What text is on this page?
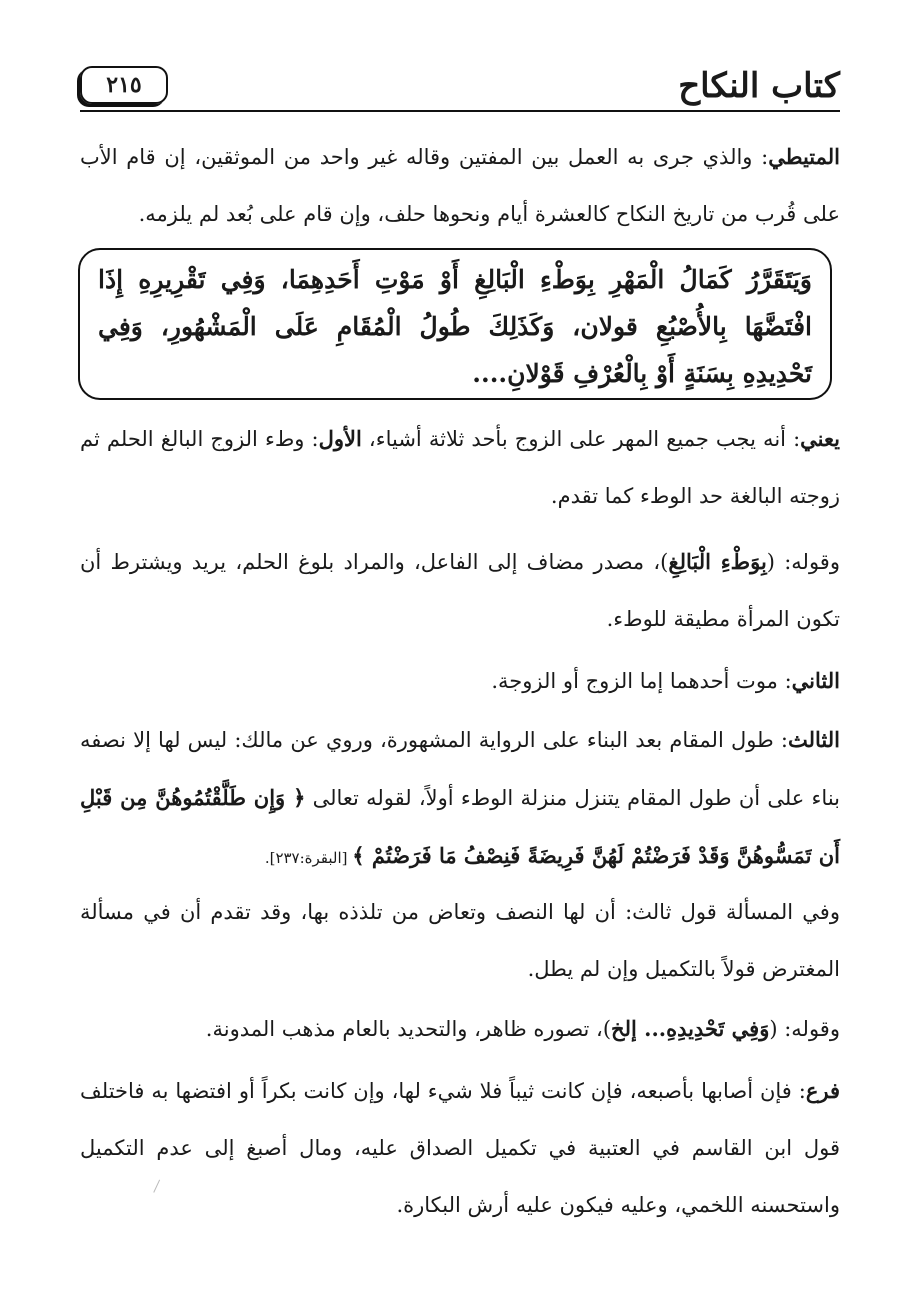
٢١٥	كتاب النكاح
المتيطي: والذي جرى به العمل بين المفتين وقاله غير واحد من الموثقين، إن قام الأب على قُرب من تاريخ النكاح كالعشرة أيام ونحوها حلف، وإن قام على بُعد لم يلزمه.
وَيَتَقَرَّرُ كَمَالُ الْمَهْرِ بِوَطْءِ الْبَالِغِ أَوْ مَوْتِ أَحَدِهِمَا، وَفِي تَقْرِيرِهِ إِذَا افْتَضَّهَا بِالأُصْبُعِ قولان، وَكَذَلِكَ طُولُ الْمُقَامِ عَلَى الْمَشْهُورِ، وَفِي تَحْدِيدِهِ بِسَنَةٍ أَوْ بِالْعُرْفِ قَوْلانِ....
يعني: أنه يجب جميع المهر على الزوج بأحد ثلاثة أشياء، الأول: وطء الزوج البالغ الحلم ثم زوجته البالغة حد الوطء كما تقدم.
وقوله: (بِوَطْءِ الْبَالِغِ)، مصدر مضاف إلى الفاعل، والمراد بلوغ الحلم، يريد ويشترط أن تكون المرأة مطيقة للوطء.
الثاني: موت أحدهما إما الزوج أو الزوجة.
الثالث: طول المقام بعد البناء على الرواية المشهورة، وروي عن مالك: ليس لها إلا نصفه بناء على أن طول المقام يتنزل منزلة الوطء أولاً، لقوله تعالى ﴿ وَإِن طَلَّقْتُمُوهُنَّ مِن قَبْلِ أَن تَمَسُّوهُنَّ وَقَدْ فَرَضْتُمْ لَهُنَّ فَرِيضَةً فَنِصْفُ مَا فَرَضْتُمْ ﴾ [البقرة:٢٣٧].
وفي المسألة قول ثالث: أن لها النصف وتعاض من تلذذه بها، وقد تقدم أن في مسألة المغترض قولاً بالتكميل وإن لم يطل.
وقوله: (وَفِي تَحْدِيدِهِ... إلخ)، تصوره ظاهر، والتحديد بالعام مذهب المدونة.
فرع: فإن أصابها بأصبعه، فإن كانت ثيباً فلا شيء لها، وإن كانت بكراً أو افتضها به فاختلف قول ابن القاسم في العتبية في تكميل الصداق عليه، ومال أصبغ إلى عدم التكميل واستحسنه اللخمي، وعليه فيكون عليه أرش البكارة.
